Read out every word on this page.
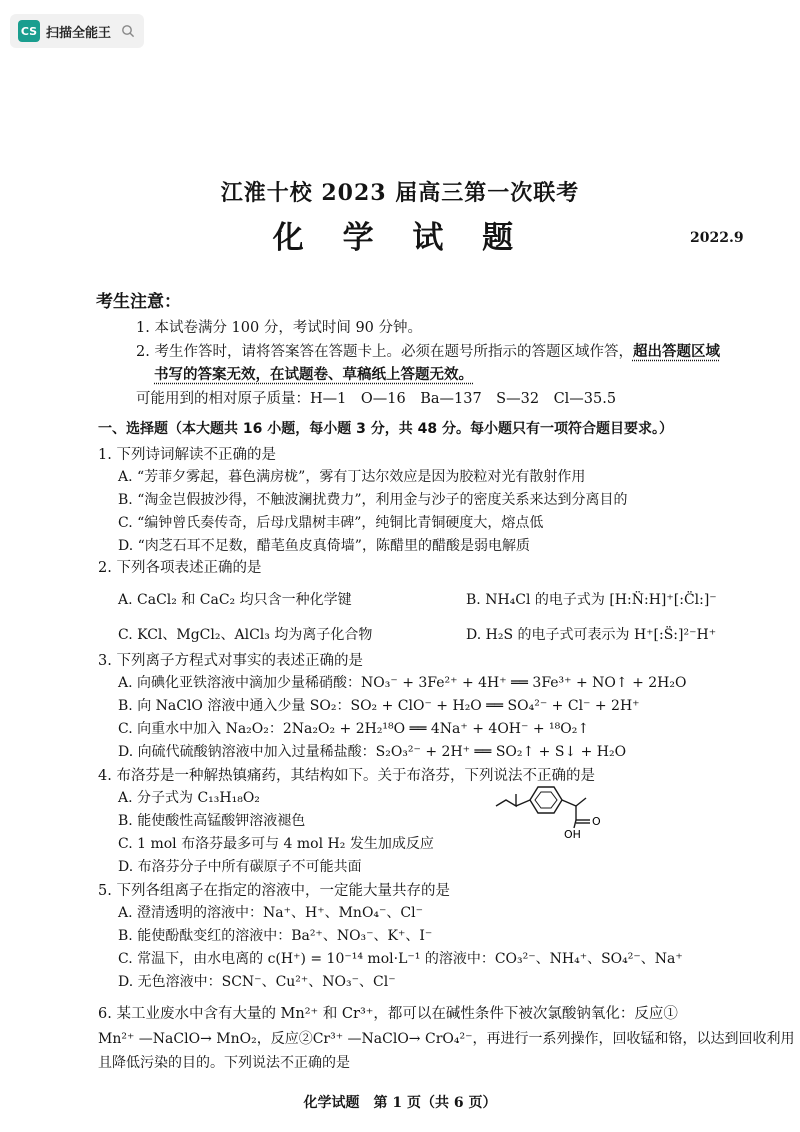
CS 扫描全能王
江淮十校 2023 届高三第一次联考
化 学 试 题	2022.9
考生注意：
1. 本试卷满分 100 分，考试时间 90 分钟。
2. 考生作答时，请将答案答在答题卡上。必须在题号所指示的答题区域作答，超出答题区域
书写的答案无效，在试题卷、草稿纸上答题无效。
可能用到的相对原子质量：H—1　O—16　Ba—137　S—32　Cl—35.5
一、选择题（本大题共 16 小题，每小题 3 分，共 48 分。每小题只有一项符合题目要求。）
1. 下列诗词解读不正确的是
A. “芳菲夕雾起，暮色满房栊”，雾有丁达尔效应是因为胶粒对光有散射作用
B. “淘金岂假披沙得，不触波澜扰费力”，利用金与沙子的密度关系来达到分离目的
C. “编钟曾氏奏传奇，后母戊鼎树丰碑”，纯铜比青铜硬度大，熔点低
D. “肉芝石耳不足数，醋芼鱼皮真倚墙”，陈醋里的醋酸是弱电解质
2. 下列各项表述正确的是
A. CaCl₂ 和 CaC₂ 均只含一种化学键	B. NH₄Cl 的电子式为 [H:N̈:H]⁺[:C̈l:]⁻
C. KCl、MgCl₂、AlCl₃ 均为离子化合物	D. H₂S 的电子式可表示为 H⁺[:S̈:]²⁻H⁺
3. 下列离子方程式对事实的表述正确的是
A. 向碘化亚铁溶液中滴加少量稀硝酸：NO₃⁻ + 3Fe²⁺ + 4H⁺ ══ 3Fe³⁺ + NO↑ + 2H₂O
B. 向 NaClO 溶液中通入少量 SO₂：SO₂ + ClO⁻ + H₂O ══ SO₄²⁻ + Cl⁻ + 2H⁺
C. 向重水中加入 Na₂O₂：2Na₂O₂ + 2H₂¹⁸O ══ 4Na⁺ + 4OH⁻ + ¹⁸O₂↑
D. 向硫代硫酸钠溶液中加入过量稀盐酸：S₂O₃²⁻ + 2H⁺ ══ SO₂↑ + S↓ + H₂O
4. 布洛芬是一种解热镇痛药，其结构如下。关于布洛芬，下列说法不正确的是
A. 分子式为 C₁₃H₁₈O₂
B. 能使酸性高锰酸钾溶液褪色
C. 1 mol 布洛芬最多可与 4 mol H₂ 发生加成反应
D. 布洛芬分子中所有碳原子不可能共面
O
OH
5. 下列各组离子在指定的溶液中，一定能大量共存的是
A. 澄清透明的溶液中：Na⁺、H⁺、MnO₄⁻、Cl⁻
B. 能使酚酞变红的溶液中：Ba²⁺、NO₃⁻、K⁺、I⁻
C. 常温下，由水电离的 c(H⁺) = 10⁻¹⁴ mol·L⁻¹ 的溶液中：CO₃²⁻、NH₄⁺、SO₄²⁻、Na⁺
D. 无色溶液中：SCN⁻、Cu²⁺、NO₃⁻、Cl⁻
6. 某工业废水中含有大量的 Mn²⁺ 和 Cr³⁺，都可以在碱性条件下被次氯酸钠氧化：反应①
Mn²⁺ —NaClO→ MnO₂，反应②Cr³⁺ —NaClO→ CrO₄²⁻，再进行一系列操作，回收锰和铬，以达到回收利用
且降低污染的目的。下列说法不正确的是
化学试题　第 1 页（共 6 页）
